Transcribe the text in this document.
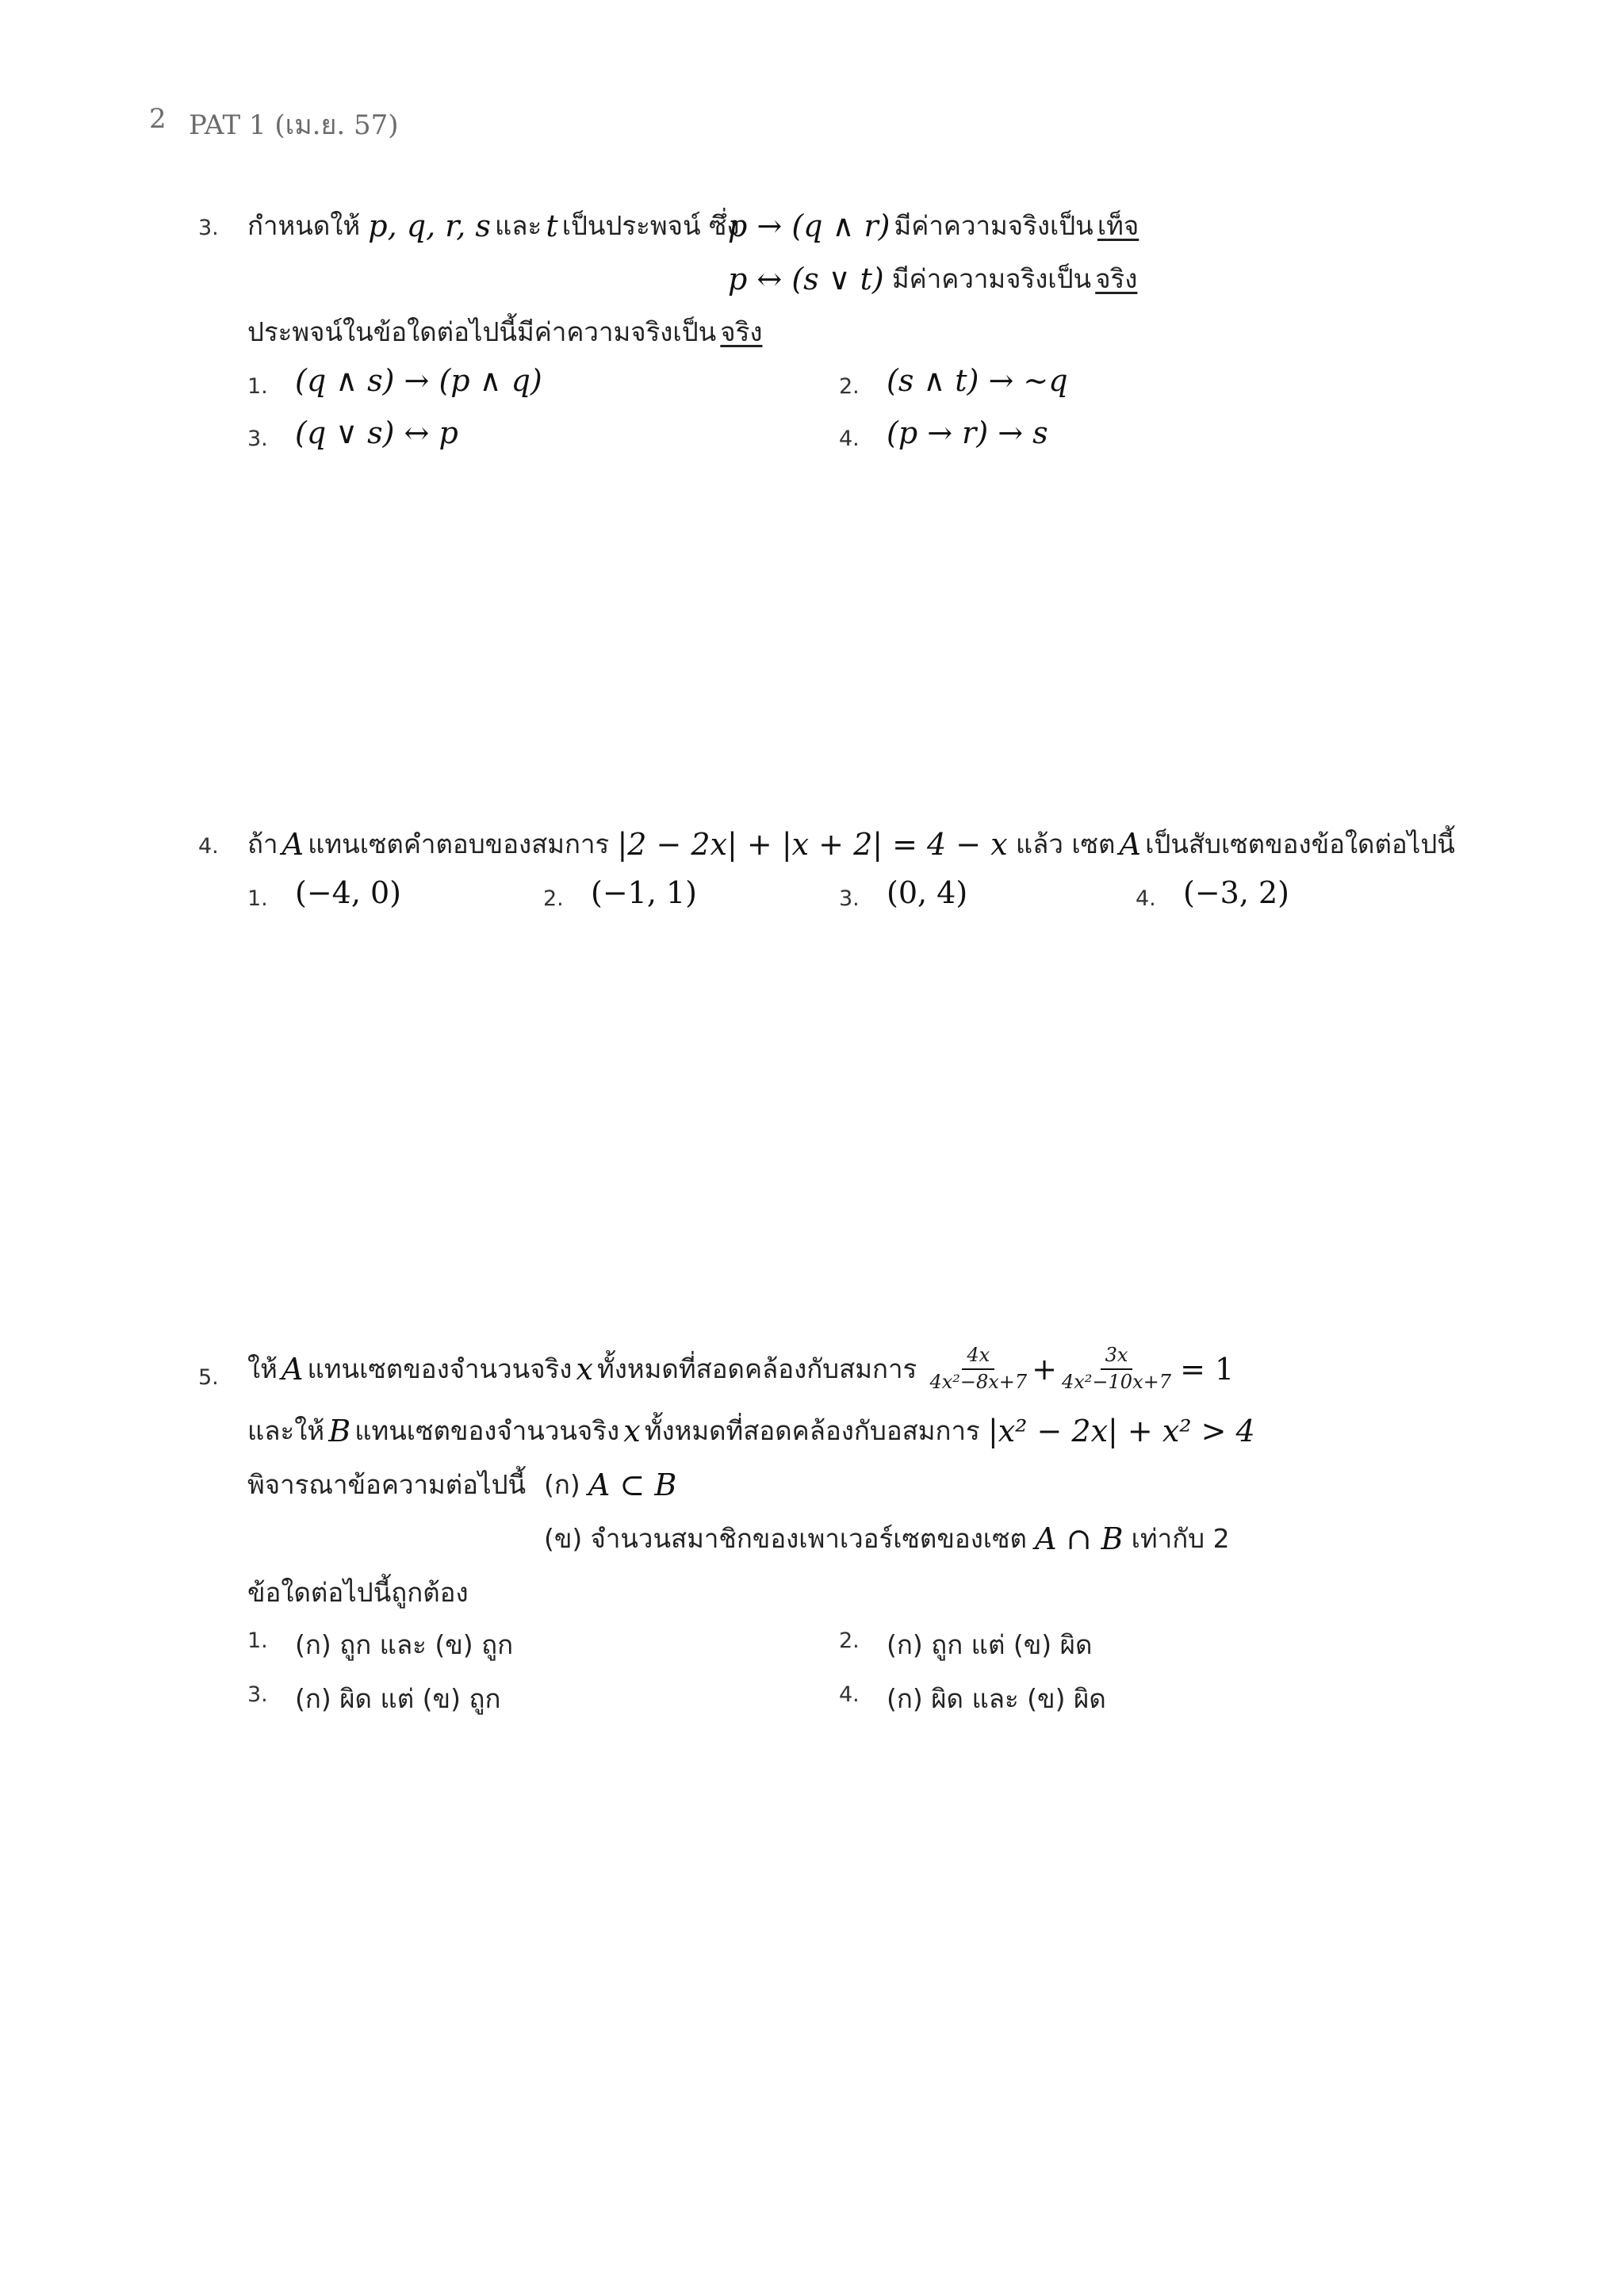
2 PAT 1 (เม.ย. 57)
3. กำหนดให้
p, q, r, s
และ
t
เป็นประพจน์ ซึ่ง
p → (q ∧ r)
มีค่าความจริงเป็น
เท็จ
p ↔ (s ∨ t)
มีค่าความจริงเป็น
จริง
ประพจน์ในข้อใดต่อไปนี้มีค่าความจริงเป็น
จริง
1. (q ∧ s) → (p ∧ q)	2. (s ∧ t) → ∼q
3. (q ∨ s) ↔ p	4. (p → r) → s
4. ถ้า
A
แทนเซตคำตอบของสมการ
|2 − 2x| + |x + 2| = 4 − x
แล้ว เซต
A
เป็นสับเซตของข้อใดต่อไปนี้
1. (−4, 0)	2. (−1, 1)	3. (0, 4)	4. (−3, 2)
5. ให้
A
แทนเซตของจำนวนจริง
x
ทั้งหมดที่สอดคล้องกับสมการ
$\frac{4x}{\text{4x²−8x+7}} + \frac{3x}{\text{4x²−10x+7}}$
= 1
และให้
B
แทนเซตของจำนวนจริง
x
ทั้งหมดที่สอดคล้องกับอสมการ
|x² − 2x| + x² > 4
พิจารณาข้อความต่อไปนี้ (ก)
A ⊂ B
(ข)
จำนวนสมาชิกของเพาเวอร์เซตของเซต
A ∩ B
เท่ากับ 2
ข้อใดต่อไปนี้ถูกต้อง
1. (ก) ถูก และ (ข) ถูก	2. (ก) ถูก แต่ (ข) ผิด
3. (ก) ผิด แต่ (ข) ถูก	4. (ก) ผิด และ (ข) ผิด
